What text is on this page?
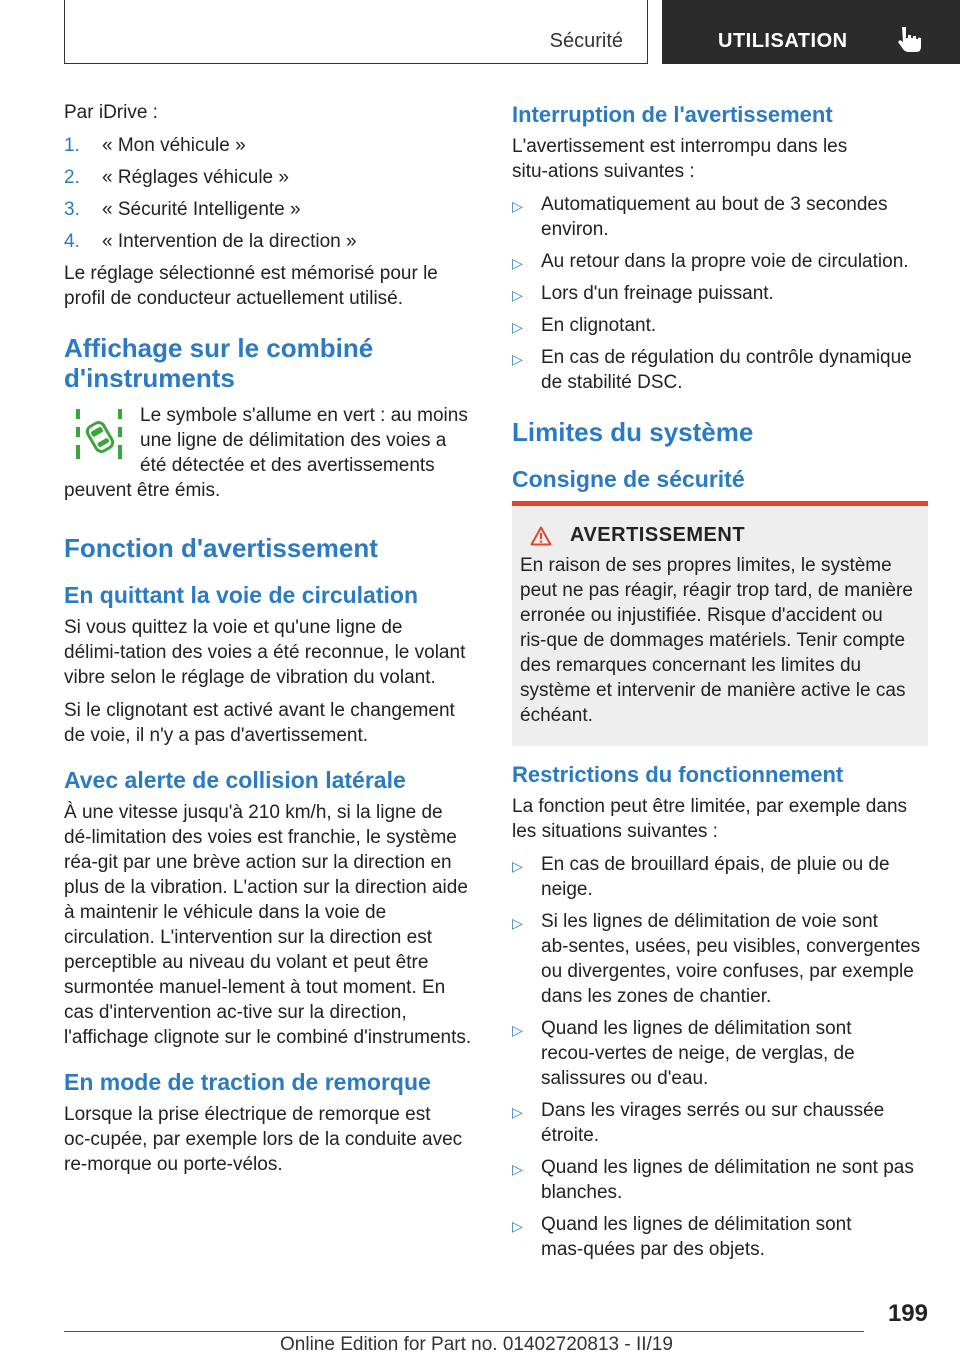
Sécurité	UTILISATION

Par iDrive :

1. « Mon véhicule »
2. « Réglages véhicule »
3. « Sécurité Intelligente »
4. « Intervention de la direction »

Le réglage sélectionné est mémorisé pour le profil de conducteur actuellement utilisé.

Affichage sur le combiné d'instruments

Le symbole s'allume en vert : au moins une ligne de délimitation des voies a été détectée et des avertissements peuvent être émis.

Fonction d'avertissement
En quittant la voie de circulation

Si vous quittez la voie et qu'une ligne de délimi‑tation des voies a été reconnue, le volant vibre selon le réglage de vibration du volant.

Si le clignotant est activé avant le changement de voie, il n'y a pas d'avertissement.

Avec alerte de collision latérale

À une vitesse jusqu'à 210 km/h, si la ligne de dé‑limitation des voies est franchie, le système réa‑git par une brève action sur la direction en plus de la vibration. L'action sur la direction aide à maintenir le véhicule dans la voie de circulation. L'intervention sur la direction est perceptible au niveau du volant et peut être surmontée manuel‑lement à tout moment. En cas d'intervention ac‑tive sur la direction, l'affichage clignote sur le combiné d'instruments.

En mode de traction de remorque

Lorsque la prise électrique de remorque est oc‑cupée, par exemple lors de la conduite avec re‑morque ou porte-vélos.

Interruption de l'avertissement

L'avertissement est interrompu dans les situ‑ations suivantes :

▷ Automatiquement au bout de 3 secondes environ.
▷ Au retour dans la propre voie de circulation.
▷ Lors d'un freinage puissant.
▷ En clignotant.
▷ En cas de régulation du contrôle dynamique de stabilité DSC.
Limites du système
Consigne de sécurité
AVERTISSEMENT

En raison de ses propres limites, le système peut ne pas réagir, réagir trop tard, de manière erronée ou injustifiée. Risque d'accident ou ris‑que de dommages matériels. Tenir compte des remarques concernant les limites du système et intervenir de manière active le cas échéant.

Restrictions du fonctionnement

La fonction peut être limitée, par exemple dans les situations suivantes :

▷ En cas de brouillard épais, de pluie ou de neige.
▷ Si les lignes de délimitation de voie sont ab‑sentes, usées, peu visibles, convergentes ou divergentes, voire confuses, par exemple dans les zones de chantier.
▷ Quand les lignes de délimitation sont recou‑vertes de neige, de verglas, de salissures ou d'eau.
▷ Dans les virages serrés ou sur chaussée étroite.
▷ Quand les lignes de délimitation ne sont pas blanches.
▷ Quand les lignes de délimitation sont mas‑quées par des objets.
199
Online Edition for Part no. 01402720813 - II/19
